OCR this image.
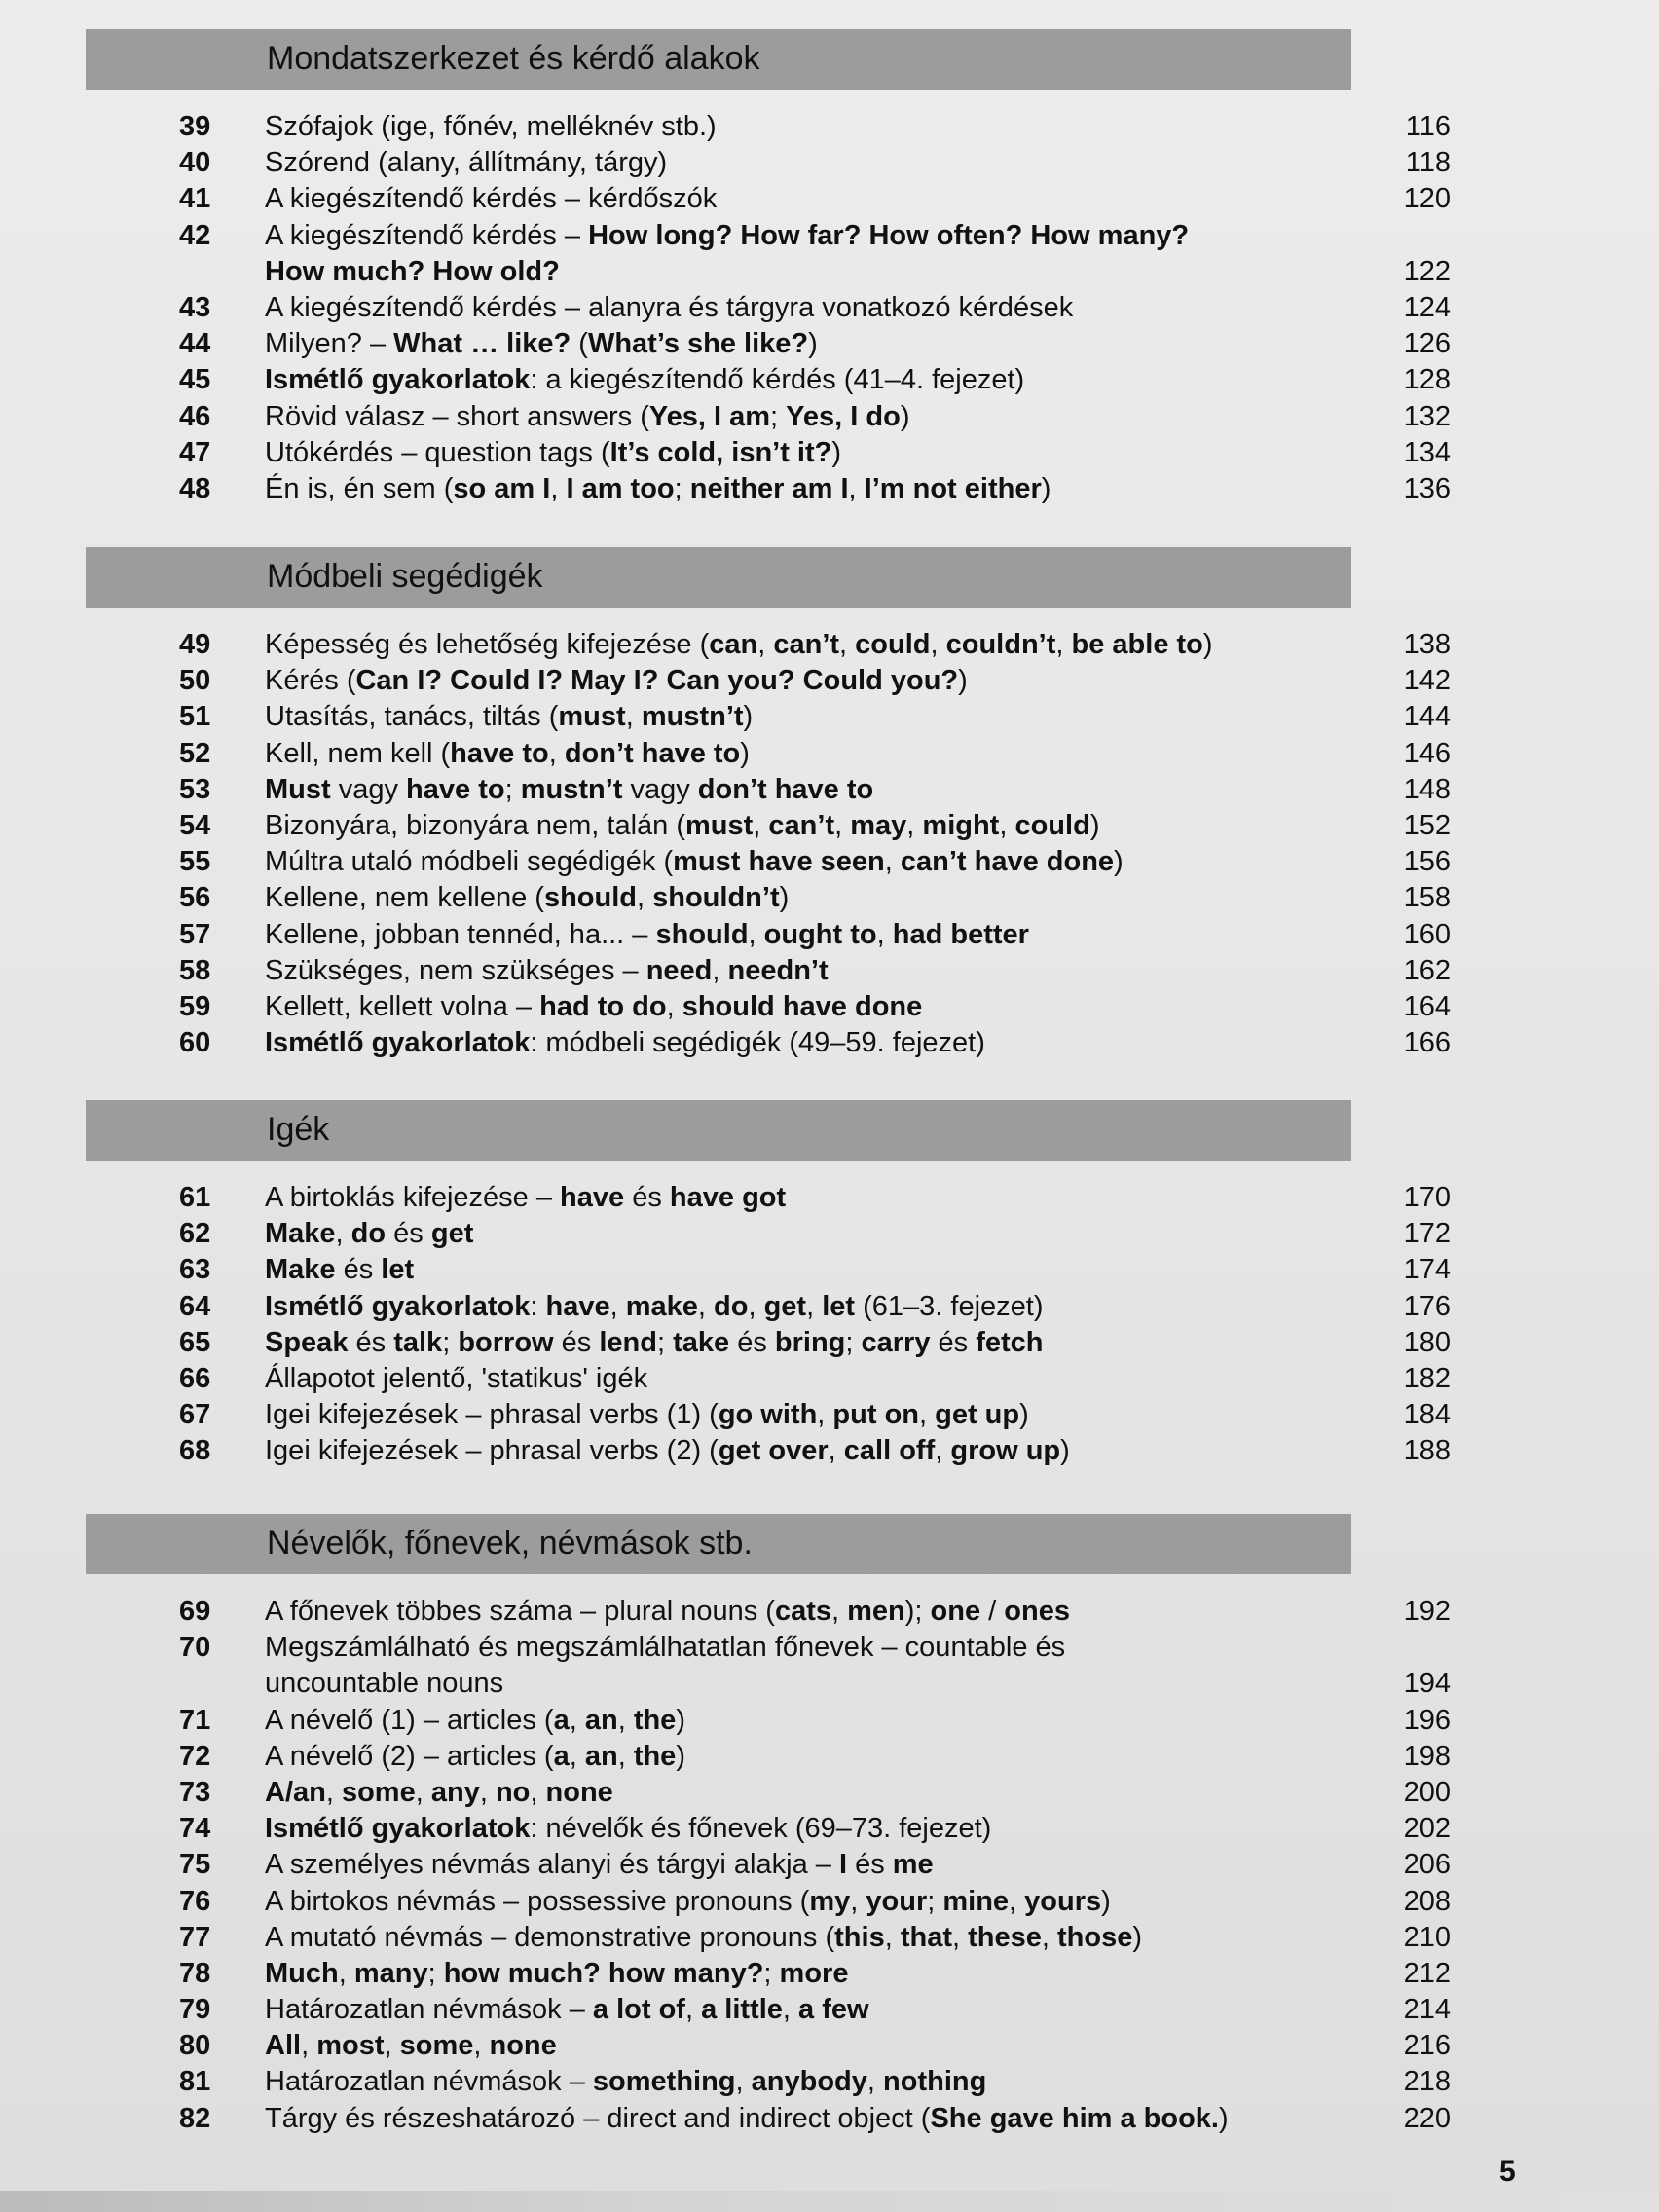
Mondatszerkezet és kérdő alakok
39	Szófajok (ige, főnév, melléknév stb.)	116
40	Szórend (alany, állítmány, tárgy)	118
41	A kiegészítendő kérdés – kérdőszók	120
42	A kiegészítendő kérdés – How long? How far? How often? How many?
How much? How old?	122
43	A kiegészítendő kérdés – alanyra és tárgyra vonatkozó kérdések	124
44	Milyen? – What … like? (What’s she like?)	126
45	Ismétlő gyakorlatok: a kiegészítendő kérdés (41–4. fejezet)	128
46	Rövid válasz – short answers (Yes, I am; Yes, I do)	132
47	Utókérdés – question tags (It’s cold, isn’t it?)	134
48	Én is, én sem (so am I, I am too; neither am I, I’m not either)	136
Módbeli segédigék
49	Képesség és lehetőség kifejezése (can, can’t, could, couldn’t, be able to)	138
50	Kérés (Can I? Could I? May I? Can you? Could you?)	142
51	Utasítás, tanács, tiltás (must, mustn’t)	144
52	Kell, nem kell (have to, don’t have to)	146
53	Must vagy have to; mustn’t vagy don’t have to	148
54	Bizonyára, bizonyára nem, talán (must, can’t, may, might, could)	152
55	Múltra utaló módbeli segédigék (must have seen, can’t have done)	156
56	Kellene, nem kellene (should, shouldn’t)	158
57	Kellene, jobban tennéd, ha... – should, ought to, had better	160
58	Szükséges, nem szükséges – need, needn’t	162
59	Kellett, kellett volna – had to do, should have done	164
60	Ismétlő gyakorlatok: módbeli segédigék (49–59. fejezet)	166
Igék
61	A birtoklás kifejezése – have és have got	170
62	Make, do és get	172
63	Make és let	174
64	Ismétlő gyakorlatok: have, make, do, get, let (61–3. fejezet)	176
65	Speak és talk; borrow és lend; take és bring; carry és fetch	180
66	Állapotot jelentő, 'statikus' igék	182
67	Igei kifejezések – phrasal verbs (1) (go with, put on, get up)	184
68	Igei kifejezések – phrasal verbs (2) (get over, call off, grow up)	188
Névelők, főnevek, névmások stb.
69	A főnevek többes száma – plural nouns (cats, men); one / ones	192
70	Megszámlálható és megszámlálhatatlan főnevek – countable és
uncountable nouns	194
71	A névelő (1) – articles (a, an, the)	196
72	A névelő (2) – articles (a, an, the)	198
73	A/an, some, any, no, none	200
74	Ismétlő gyakorlatok: névelők és főnevek (69–73. fejezet)	202
75	A személyes névmás alanyi és tárgyi alakja – I és me	206
76	A birtokos névmás – possessive pronouns (my, your; mine, yours)	208
77	A mutató névmás – demonstrative pronouns (this, that, these, those)	210
78	Much, many; how much? how many?; more	212
79	Határozatlan névmások – a lot of, a little, a few	214
80	All, most, some, none	216
81	Határozatlan névmások – something, anybody, nothing	218
82	Tárgy és részeshatározó – direct and indirect object (She gave him a book.)	220
5
